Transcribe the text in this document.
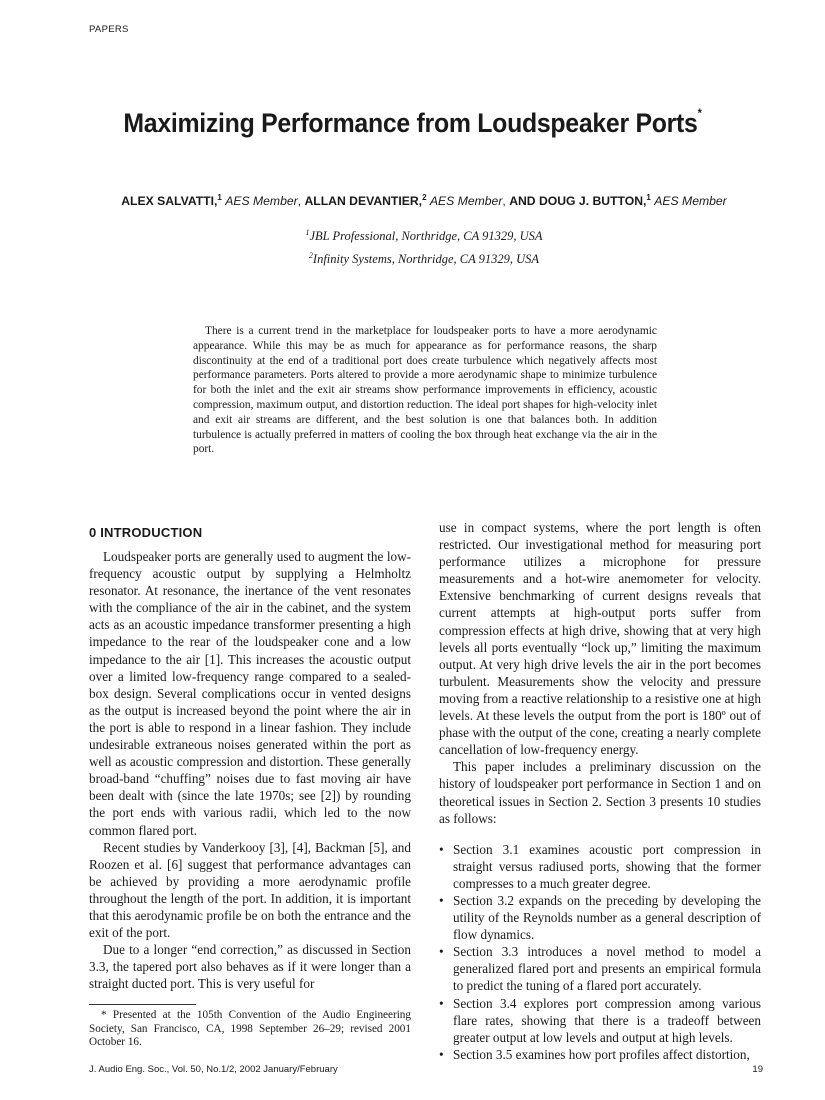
PAPERS
Maximizing Performance from Loudspeaker Ports*
ALEX SALVATTI,$^1$ AES Member, ALLAN DEVANTIER,$^2$ AES Member, AND DOUG J. BUTTON,$^1$ AES Member
$^1$JBL Professional, Northridge, CA 91329, USA
$^2$Infinity Systems, Northridge, CA 91329, USA

There is a current trend in the marketplace for loudspeaker ports to have a more aerodynamic appearance. While this may be as much for appearance as for performance reasons, the sharp discontinuity at the end of a traditional port does create turbulence which negatively affects most performance parameters. Ports altered to provide a more aerodynamic shape to minimize turbulence for both the inlet and the exit air streams show performance improvements in efficiency, acoustic compression, maximum output, and distortion reduction. The ideal port shapes for high-velocity inlet and exit air streams are different, and the best solution is one that balances both. In addition turbulence is actually preferred in matters of cooling the box through heat exchange via the air in the port.

0 INTRODUCTION

Loudspeaker ports are generally used to augment the low-frequency acoustic output by supplying a Helmholtz resonator. At resonance, the inertance of the vent resonates with the compliance of the air in the cabinet, and the system acts as an acoustic impedance transformer presenting a high impedance to the rear of the loudspeaker cone and a low impedance to the air [1]. This increases the acoustic output over a limited low-frequency range compared to a sealed-box design. Several complications occur in vented designs as the output is increased beyond the point where the air in the port is able to respond in a linear fashion. They include undesirable extraneous noises generated within the port as well as acoustic compression and distortion. These generally broad-band “chuffing” noises due to fast moving air have been dealt with (since the late 1970s; see [2]) by rounding the port ends with various radii, which led to the now common flared port.

Recent studies by Vanderkooy [3], [4], Backman [5], and Roozen et al. [6] suggest that performance advantages can be achieved by providing a more aerodynamic profile throughout the length of the port. In addition, it is important that this aerodynamic profile be on both the entrance and the exit of the port.

Due to a longer “end correction,” as discussed in Section 3.3, the tapered port also behaves as if it were longer than a straight ducted port. This is very useful for

use in compact systems, where the port length is often restricted. Our investigational method for measuring port performance utilizes a microphone for pressure measurements and a hot-wire anemometer for velocity. Extensive benchmarking of current designs reveals that current attempts at high-output ports suffer from compression effects at high drive, showing that at very high levels all ports eventually “lock up,” limiting the maximum output. At very high drive levels the air in the port becomes turbulent. Measurements show the velocity and pressure moving from a reactive relationship to a resistive one at high levels. At these levels the output from the port is 180º out of phase with the output of the cone, creating a nearly complete cancellation of low-frequency energy.

This paper includes a preliminary discussion on the history of loudspeaker port performance in Section 1 and on theoretical issues in Section 2. Section 3 presents 10 studies as follows:

• Section 3.1 examines acoustic port compression in straight versus radiused ports, showing that the former compresses to a much greater degree.
• Section 3.2 expands on the preceding by developing the utility of the Reynolds number as a general description of flow dynamics.
• Section 3.3 introduces a novel method to model a generalized flared port and presents an empirical formula to predict the tuning of a flared port accurately.
• Section 3.4 explores port compression among various flare rates, showing that there is a tradeoff between greater output at low levels and output at high levels.
• Section 3.5 examines how port profiles affect distortion,

* Presented at the 105th Convention of the Audio Engineering Society, San Francisco, CA, 1998 September 26–29; revised 2001 October 16.

J. Audio Eng. Soc., Vol. 50, No.1/2, 2002 January/February	19
